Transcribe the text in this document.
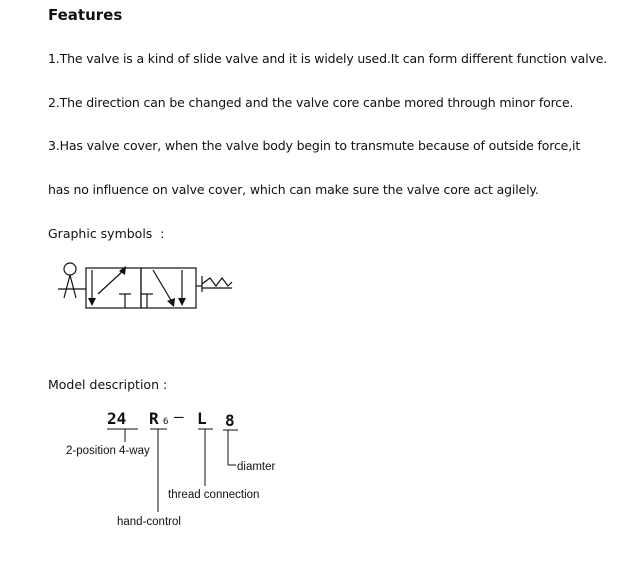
Features
1.The valve is a kind of slide valve and it is widely used.It can form different function valve.
2.The direction can be changed and the valve core canbe mored through minor force.
3.Has valve cover, when the valve body begin to transmute because of outside force,it
has no influence on valve cover, which can make sure the valve core act agilely.
Graphic symbols  :
Model description :
24 R 6 — L 8
2-position 4-way
diamter
thread connection
hand-control
